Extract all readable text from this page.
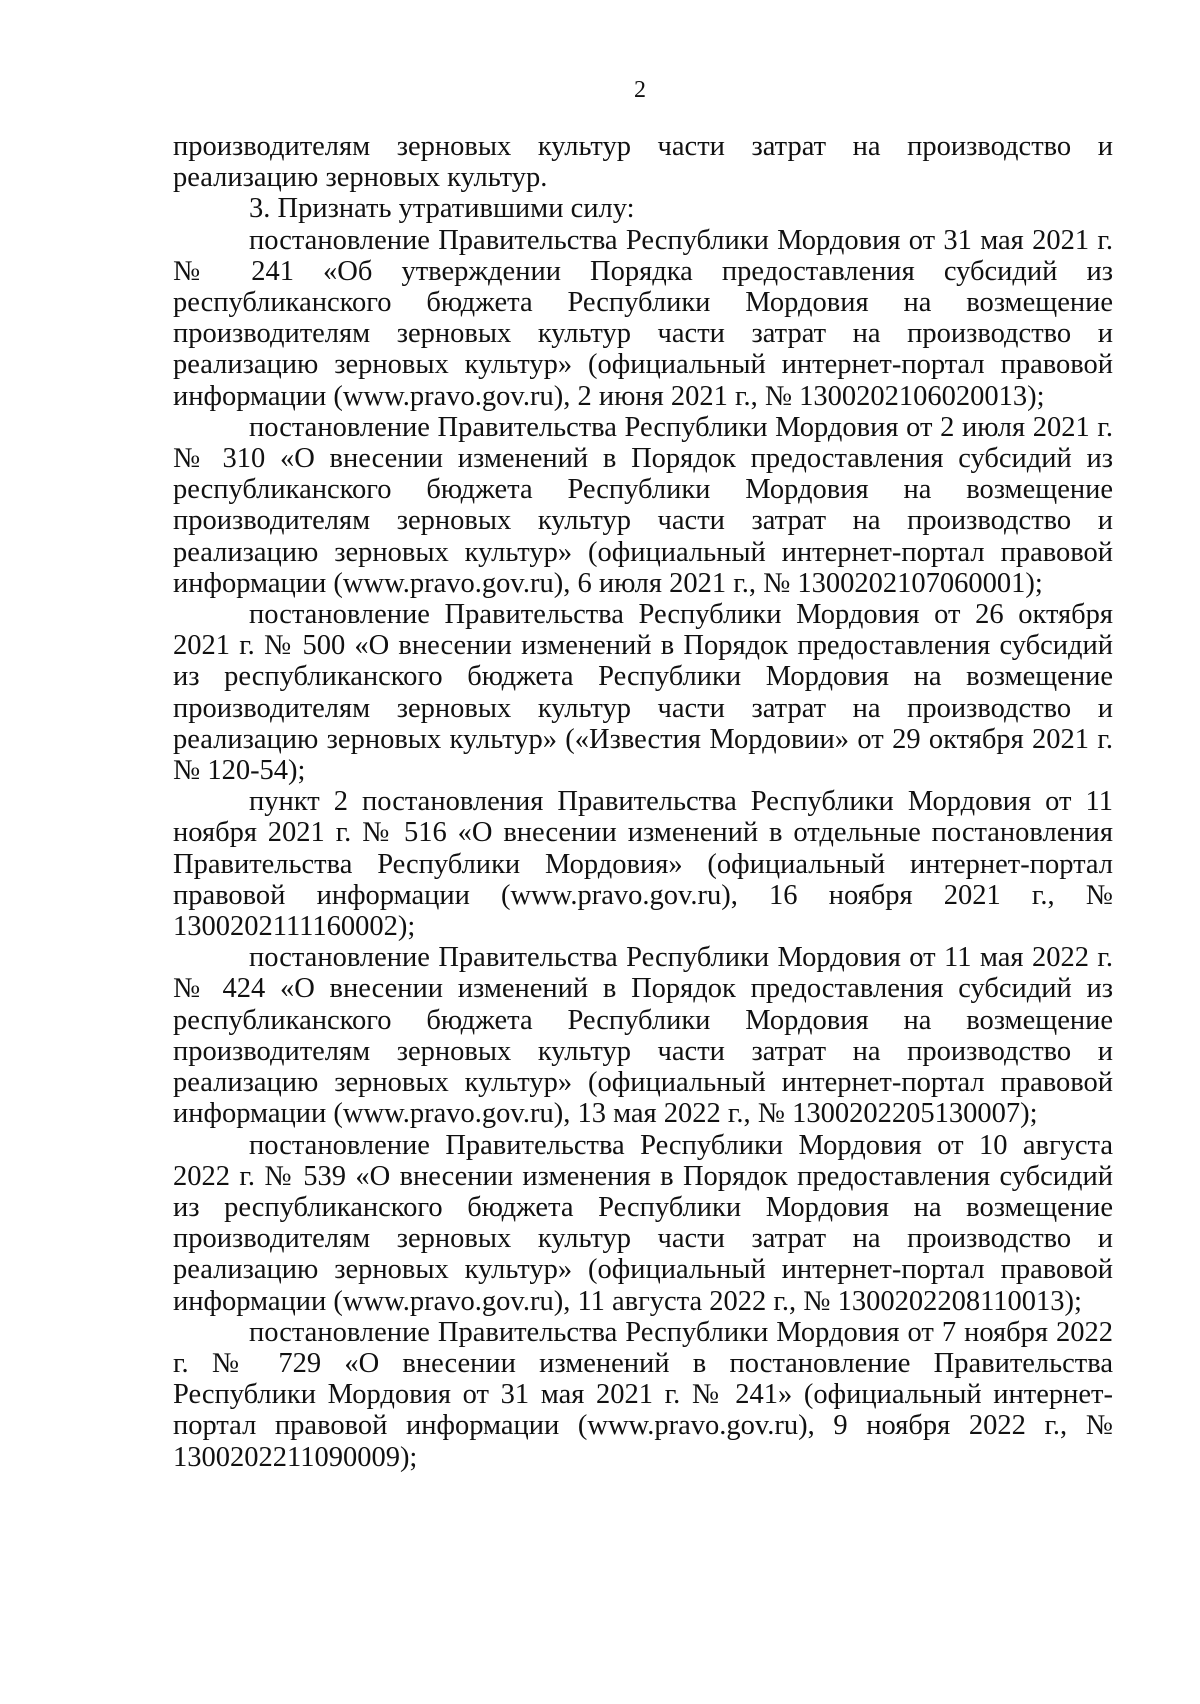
2

производителям зерновых культур части затрат на производство и реализацию зерновых культур.

3. Признать утратившими силу:

постановление Правительства Республики Мордовия от 31 мая 2021 г. № 241 «Об утверждении Порядка предоставления субсидий из республиканского бюджета Республики Мордовия на возмещение производителям зерновых культур части затрат на производство и реализацию зерновых культур» (официальный интернет-портал правовой информации (www.pravo.gov.ru), 2 июня 2021 г., № 1300202106020013);

постановление Правительства Республики Мордовия от 2 июля 2021 г. № 310 «О внесении изменений в Порядок предоставления субсидий из республиканского бюджета Республики Мордовия на возмещение производителям зерновых культур части затрат на производство и реализацию зерновых культур» (официальный интернет-портал правовой информации (www.pravo.gov.ru), 6 июля 2021 г., № 1300202107060001);

постановление Правительства Республики Мордовия от 26 октября 2021 г. № 500 «О внесении изменений в Порядок предоставления субсидий из республиканского бюджета Республики Мордовия на возмещение производителям зерновых культур части затрат на производство и реализацию зерновых культур» («Известия Мордовии» от 29 октября 2021 г. № 120-54);

пункт 2 постановления Правительства Республики Мордовия от 11 ноября 2021 г. № 516 «О внесении изменений в отдельные постановления Правительства Республики Мордовия» (официальный интернет-портал правовой информации (www.pravo.gov.ru), 16 ноября 2021 г., № 1300202111160002);

постановление Правительства Республики Мордовия от 11 мая 2022 г. № 424 «О внесении изменений в Порядок предоставления субсидий из республиканского бюджета Республики Мордовия на возмещение производителям зерновых культур части затрат на производство и реализацию зерновых культур» (официальный интернет-портал правовой информации (www.pravo.gov.ru), 13 мая 2022 г., № 1300202205130007);

постановление Правительства Республики Мордовия от 10 августа 2022 г. № 539 «О внесении изменения в Порядок предоставления субсидий из республиканского бюджета Республики Мордовия на возмещение производителям зерновых культур части затрат на производство и реализацию зерновых культур» (официальный интернет-портал правовой информации (www.pravo.gov.ru), 11 августа 2022 г., № 1300202208110013);

постановление Правительства Республики Мордовия от 7 ноября 2022 г. № 729 «О внесении изменений в постановление Правительства Республики Мордовия от 31 мая 2021 г. № 241» (официальный интернет-портал правовой информации (www.pravo.gov.ru), 9 ноября 2022 г., № 1300202211090009);
